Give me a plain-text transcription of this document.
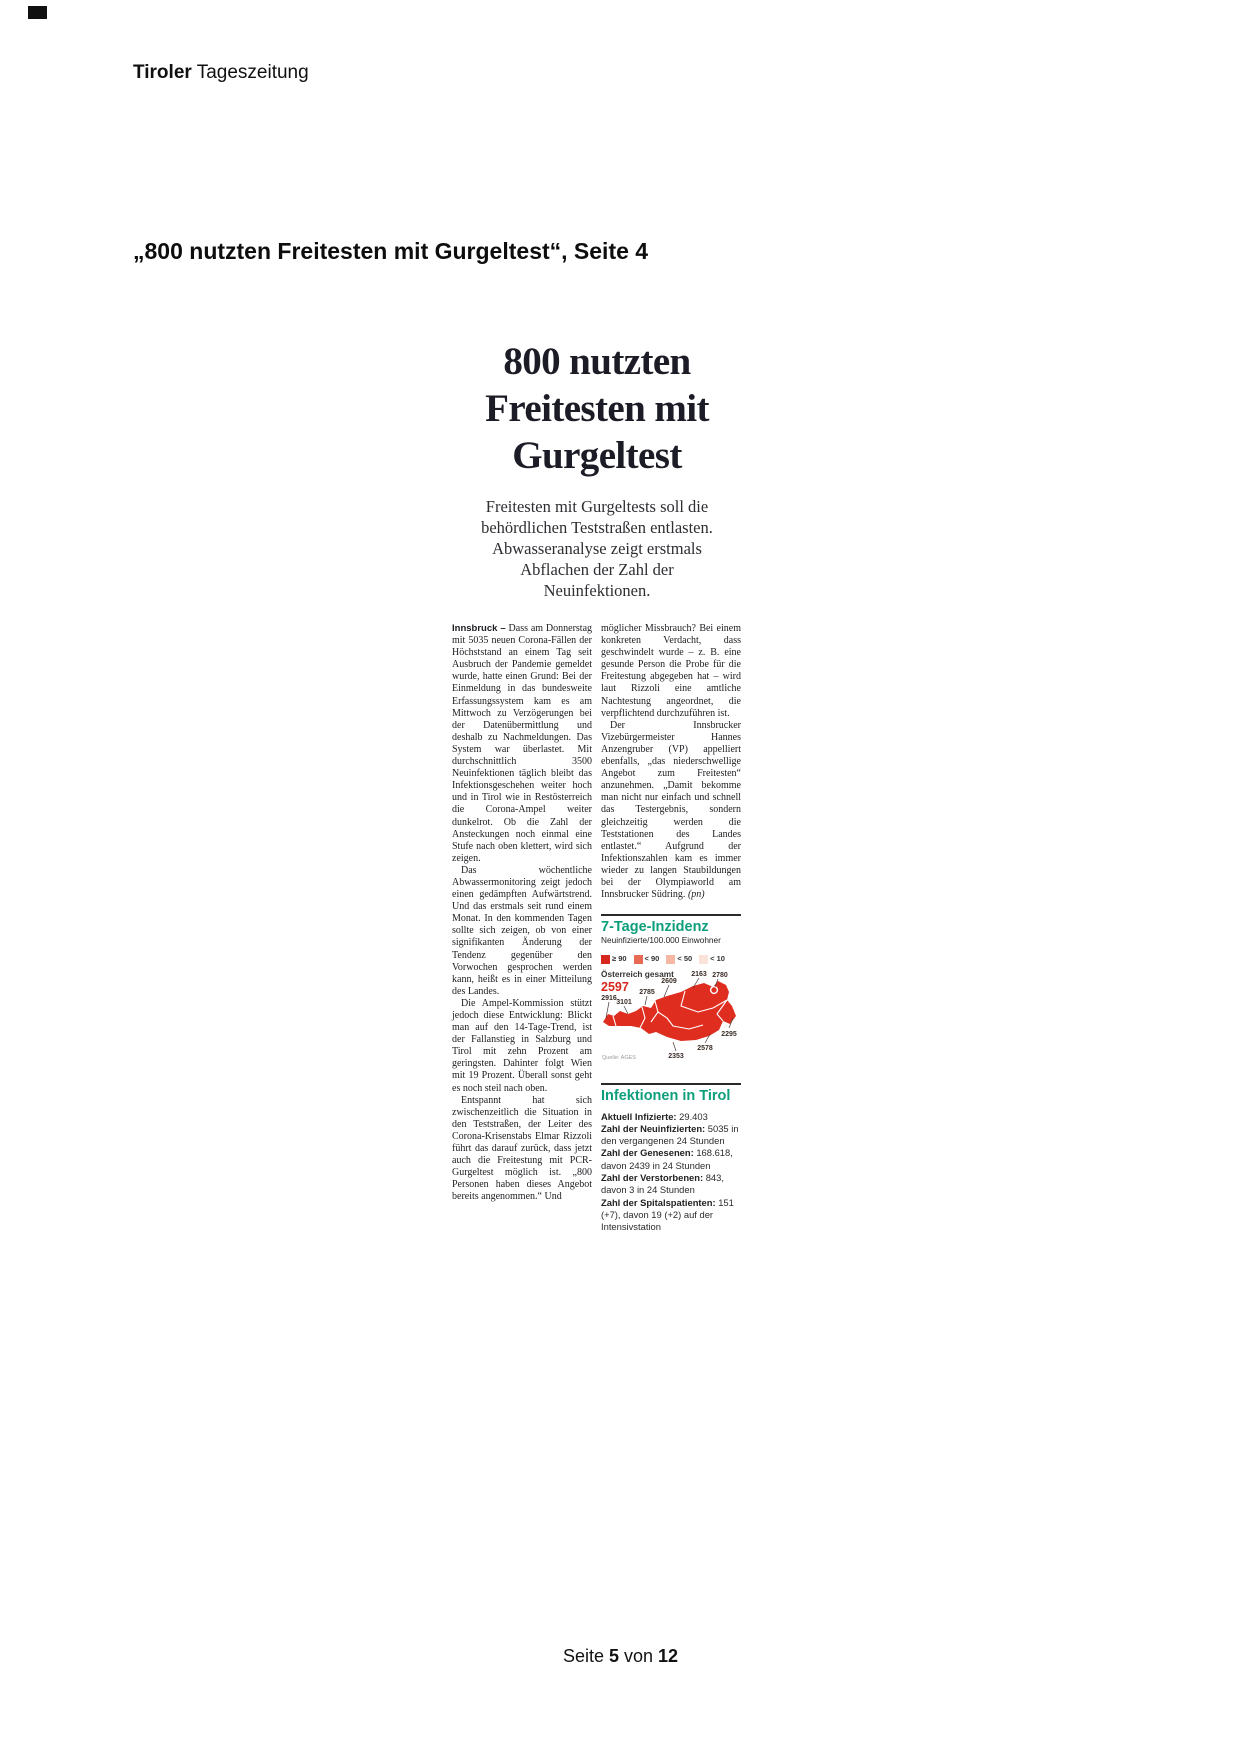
Tiroler Tageszeitung
„800 nutzten Freitesten mit Gurgeltest“, Seite 4
800 nutzten
Freitesten mit
Gurgeltest
Freitesten mit Gurgeltests soll die behördlichen Teststraßen entlasten. Abwasseranalyse zeigt erstmals Abflachen der Zahl der Neuinfektionen.

Innsbruck – Dass am Donnerstag mit 5035 neuen Corona-Fällen der Höchststand an einem Tag seit Ausbruch der Pandemie gemeldet wurde, hatte einen Grund: Bei der Einmeldung in das bundesweite Erfassungssystem kam es am Mittwoch zu Verzögerungen bei der Datenübermittlung und deshalb zu Nachmeldungen. Das System war überlastet. Mit durchschnittlich 3500 Neuinfektionen täglich bleibt das Infektionsgeschehen weiter hoch und in Tirol wie in Restösterreich die Corona-Ampel weiter dunkelrot. Ob die Zahl der Ansteckungen noch einmal eine Stufe nach oben klettert, wird sich zeigen.

Das wöchentliche Abwassermonitoring zeigt jedoch einen gedämpften Aufwärtstrend. Und das erstmals seit rund einem Monat. In den kommenden Tagen sollte sich zeigen, ob von einer signifikanten Änderung der Tendenz gegenüber den Vorwochen gesprochen werden kann, heißt es in einer Mitteilung des Landes.

Die Ampel-Kommission stützt jedoch diese Entwicklung: Blickt man auf den 14-Tage-Trend, ist der Fallanstieg in Salzburg und Tirol mit zehn Prozent am geringsten. Dahinter folgt Wien mit 19 Prozent. Überall sonst geht es noch steil nach oben.

Entspannt hat sich zwischenzeitlich die Situation in den Teststraßen, der Leiter des Corona-Krisenstabs Elmar Rizzoli führt das darauf zurück, dass jetzt auch die Freitestung mit PCR-Gurgeltest möglich ist. „800 Personen haben dieses Angebot bereits angenommen.“ Und

möglicher Missbrauch? Bei einem konkreten Verdacht, dass geschwindelt wurde – z. B. eine gesunde Person die Probe für die Freitestung abgegeben hat – wird laut Rizzoli eine amtliche Nachtestung angeordnet, die verpflichtend durchzuführen ist.

Der Innsbrucker Vizebürgermeister Hannes Anzengruber (VP) appelliert ebenfalls, „das niederschwellige Angebot zum Freitesten“ anzunehmen. „Damit bekomme man nicht nur einfach und schnell das Testergebnis, sondern gleichzeitig werden die Teststationen des Landes entlastet.“ Aufgrund der Infektionszahlen kam es immer wieder zu langen Staubildungen bei der Olympiaworld am Innsbrucker Südring. (pn)

7-Tage-Inzidenz
Neuinfizierte/100.000 Einwohner
≥ 90 < 90 < 50 < 10
Österreich gesamt
2597
2916
3101
2785
2609
2163 2780
2295
2578
2353
Quelle: AGES
Infektionen in Tirol
Aktuell Infizierte: 29.403
Zahl der Neuinfizierten: 5035 in den vergangenen 24 Stunden
Zahl der Genesenen: 168.618, davon 2439 in 24 Stunden
Zahl der Verstorbenen: 843, davon 3 in 24 Stunden
Zahl der Spitalspatienten: 151 (+7), davon 19 (+2) auf der Intensivstation
Seite 5 von 12
